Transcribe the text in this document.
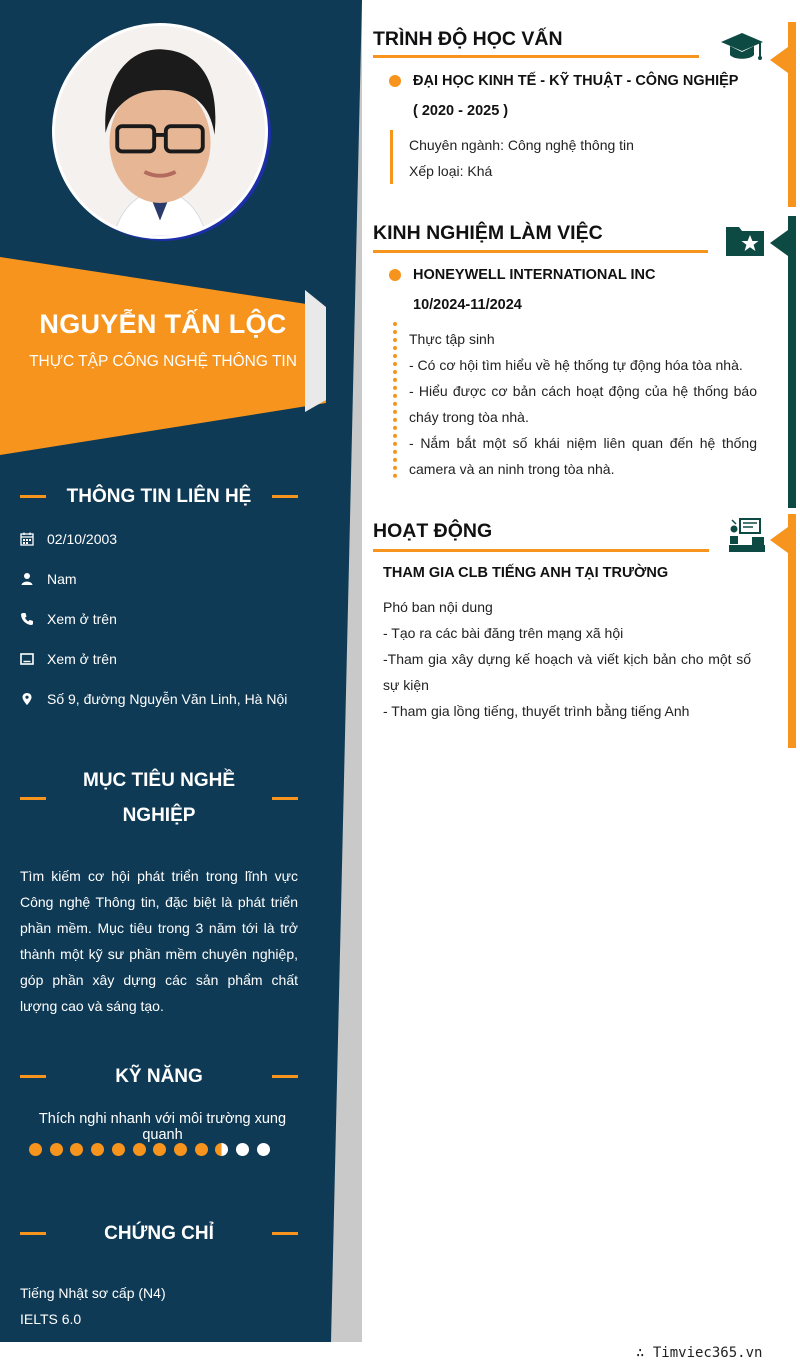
NGUYỄN TẤN LỘC
THỰC TẬP CÔNG NGHỆ THÔNG TIN
THÔNG TIN LIÊN HỆ
02/10/2003
Nam
Xem ở trên
Xem ở trên
Số 9, đường Nguyễn Văn Linh, Hà Nội
MỤC TIÊU NGHỀ
NGHIỆP
Tìm kiếm cơ hội phát triển trong lĩnh vực Công nghệ Thông tin, đặc biệt là phát triển phần mềm. Mục tiêu trong 3 năm tới là trở thành một kỹ sư phần mềm chuyên nghiệp, góp phần xây dựng các sản phẩm chất lượng cao và sáng tạo.
KỸ NĂNG
Thích nghi nhanh với môi trường xung quanh
CHỨNG CHỈ
Tiếng Nhật sơ cấp (N4)
IELTS 6.0
TRÌNH ĐỘ HỌC VẤN
ĐẠI HỌC KINH TẾ - KỸ THUẬT - CÔNG NGHIỆP
( 2020 - 2025 )
Chuyên ngành: Công nghệ thông tin
Xếp loại: Khá
KINH NGHIỆM LÀM VIỆC
HONEYWELL INTERNATIONAL INC
10/2024-11/2024
Thực tập sinh
- Có cơ hội tìm hiểu về hệ thống tự động hóa tòa nhà.
- Hiểu được cơ bản cách hoạt động của hệ thống báo cháy trong tòa nhà.
- Nắm bắt một số khái niệm liên quan đến hệ thống camera và an ninh trong tòa nhà.
HOẠT ĐỘNG
THAM GIA CLB TIẾNG ANH TẠI TRƯỜNG
Phó ban nội dung
- Tạo ra các bài đăng trên mạng xã hội
-Tham gia xây dựng kế hoạch và viết kịch bản cho một số sự kiện
- Tham gia lồng tiếng, thuyết trình bằng tiếng Anh
∴ Timviec365.vn
